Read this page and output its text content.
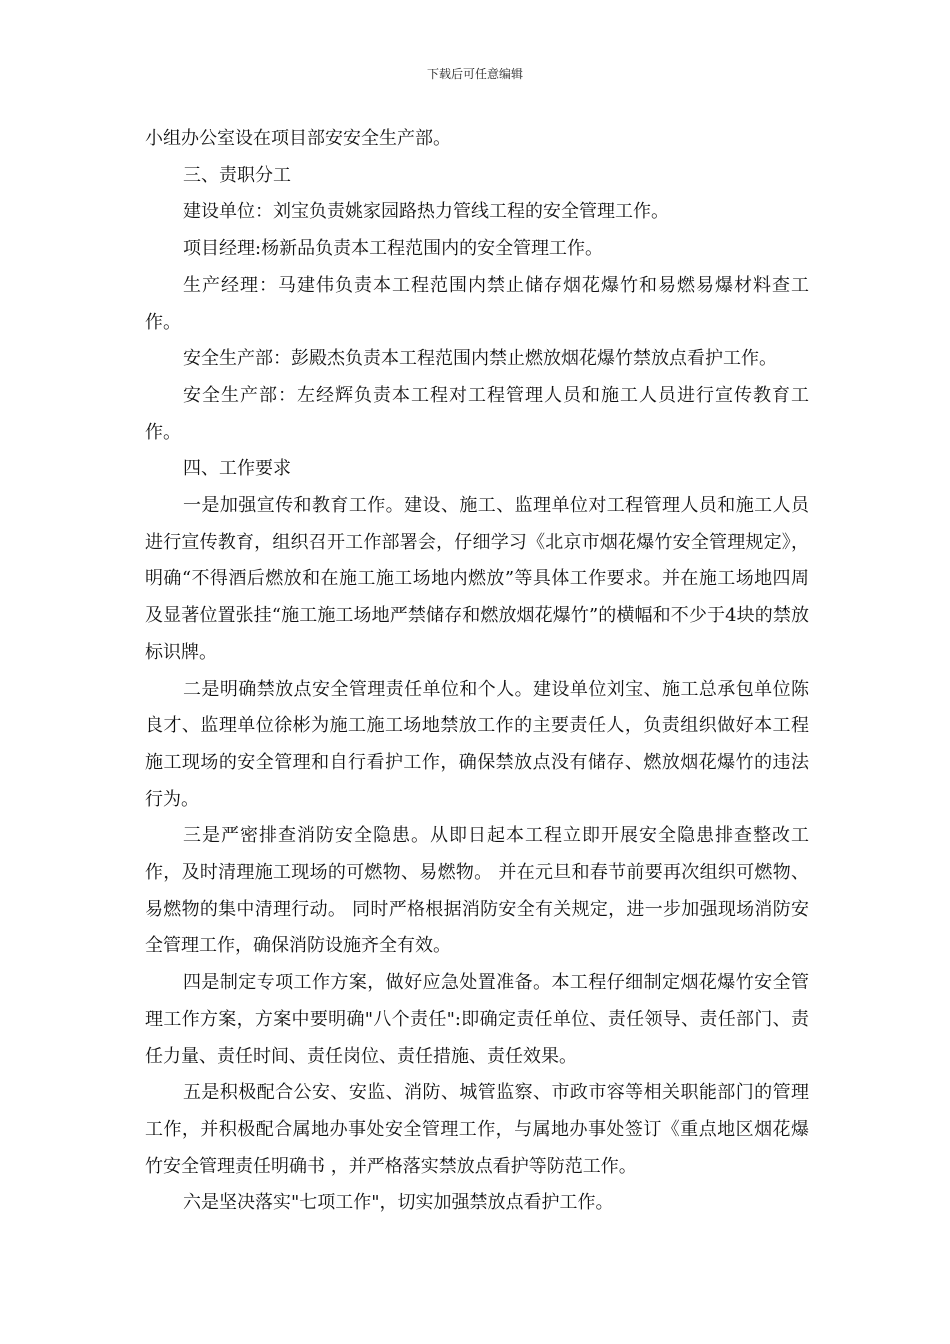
下载后可任意编辑

小组办公室设在项目部安安全生产部。

三、责职分工

建设单位：刘宝负责姚家园路热力管线工程的安全管理工作。

项目经理:杨新品负责本工程范围内的安全管理工作。

生产经理：马建伟负责本工程范围内禁止储存烟花爆竹和易燃易爆材料查工作。

安全生产部：彭殿杰负责本工程范围内禁止燃放烟花爆竹禁放点看护工作。

安全生产部：左经辉负责本工程对工程管理人员和施工人员进行宣传教育工作。

四、工作要求

一是加强宣传和教育工作。建设、施工、监理单位对工程管理人员和施工人员进行宣传教育，组织召开工作部署会，仔细学习《北京市烟花爆竹安全管理规定》，明确“不得酒后燃放和在施工施工场地内燃放”等具体工作要求。并在施工场地四周及显著位置张挂“施工施工场地严禁储存和燃放烟花爆竹”的横幅和不少于4块的禁放标识牌。

二是明确禁放点安全管理责任单位和个人。建设单位刘宝、施工总承包单位陈良才、监理单位徐彬为施工施工场地禁放工作的主要责任人，负责组织做好本工程施工现场的安全管理和自行看护工作，确保禁放点没有储存、燃放烟花爆竹的违法行为。

三是严密排查消防安全隐患。从即日起本工程立即开展安全隐患排查整改工作，及时清理施工现场的可燃物、易燃物。 并在元旦和春节前要再次组织可燃物、易燃物的集中清理行动。 同时严格根据消防安全有关规定，进一步加强现场消防安全管理工作，确保消防设施齐全有效。

四是制定专项工作方案，做好应急处置准备。本工程仔细制定烟花爆竹安全管理工作方案，方案中要明确"八个责任":即确定责任单位、责任领导、责任部门、责任力量、责任时间、责任岗位、责任措施、责任效果。

五是积极配合公安、安监、消防、城管监察、市政市容等相关职能部门的管理工作，并积极配合属地办事处安全管理工作，与属地办事处签订《重点地区烟花爆竹安全管理责任明确书 ，并严格落实禁放点看护等防范工作。

六是坚决落实"七项工作"，切实加强禁放点看护工作。
